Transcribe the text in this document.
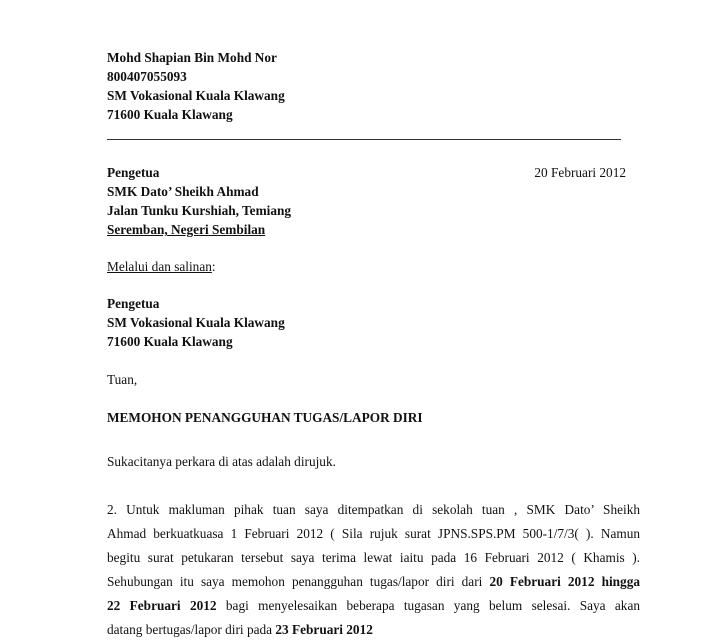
Mohd Shapian Bin Mohd Nor
800407055093
SM Vokasional Kuala Klawang
71600 Kuala Klawang
Pengetua	20 Februari 2012
SMK Dato’ Sheikh Ahmad
Jalan Tunku Kurshiah, Temiang
Seremban, Negeri Sembilan
Melalui dan salinan:
Pengetua
SM Vokasional Kuala Klawang
71600 Kuala Klawang
Tuan,
MEMOHON PENANGGUHAN TUGAS/LAPOR DIRI
Sukacitanya perkara di atas adalah dirujuk.
2. Untuk makluman pihak tuan saya ditempatkan di sekolah tuan , SMK Dato’ Sheikh
Ahmad berkuatkuasa 1 Februari 2012 ( Sila rujuk surat JPNS.SPS.PM 500-1/7/3( ). Namun
begitu surat petukaran tersebut saya terima lewat iaitu pada 16 Februari 2012 ( Khamis ).
Sehubungan itu saya memohon penangguhan tugas/lapor diri dari 20 Februari 2012 hingga
22 Februari 2012 bagi menyelesaikan beberapa tugasan yang belum selesai. Saya akan
datang bertugas/lapor diri pada 23 Februari 2012
